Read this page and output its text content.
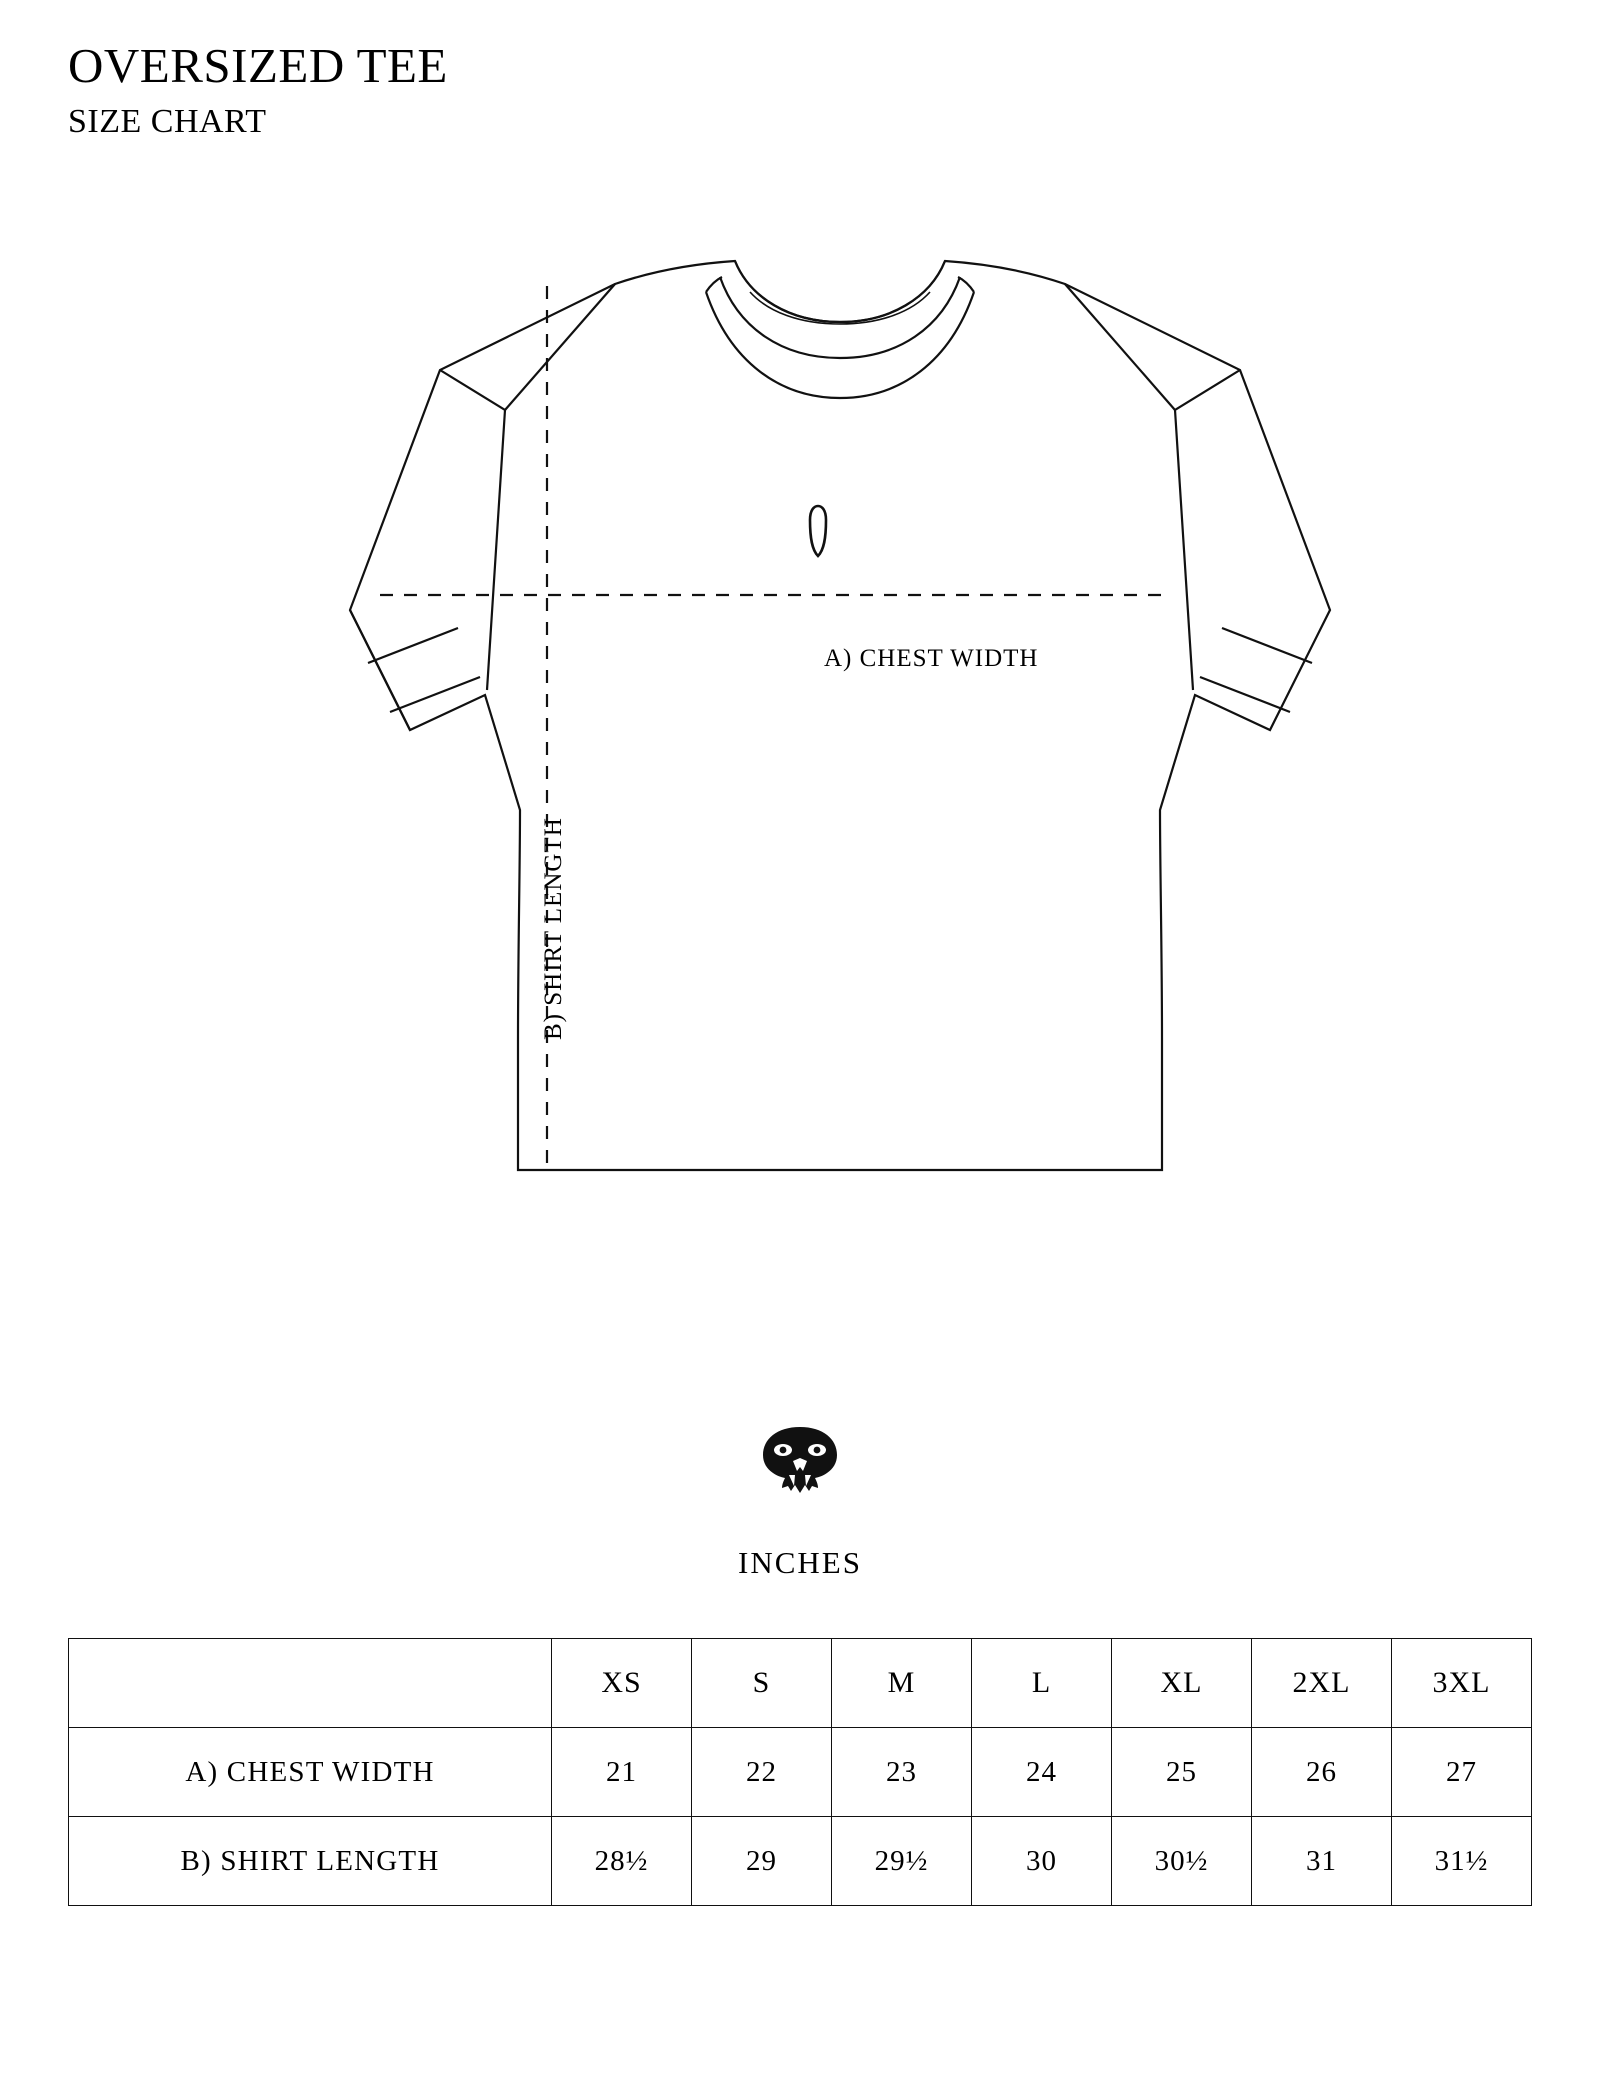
OVERSIZED TEE
SIZE CHART
A) CHEST WIDTH
B) SHIRT LENGTH
INCHES
	XS	S	M	L	XL	2XL	3XL
A) CHEST WIDTH	21	22	23	24	25	26	27
B) SHIRT LENGTH	28½	29	29½	30	30½	31	31½
